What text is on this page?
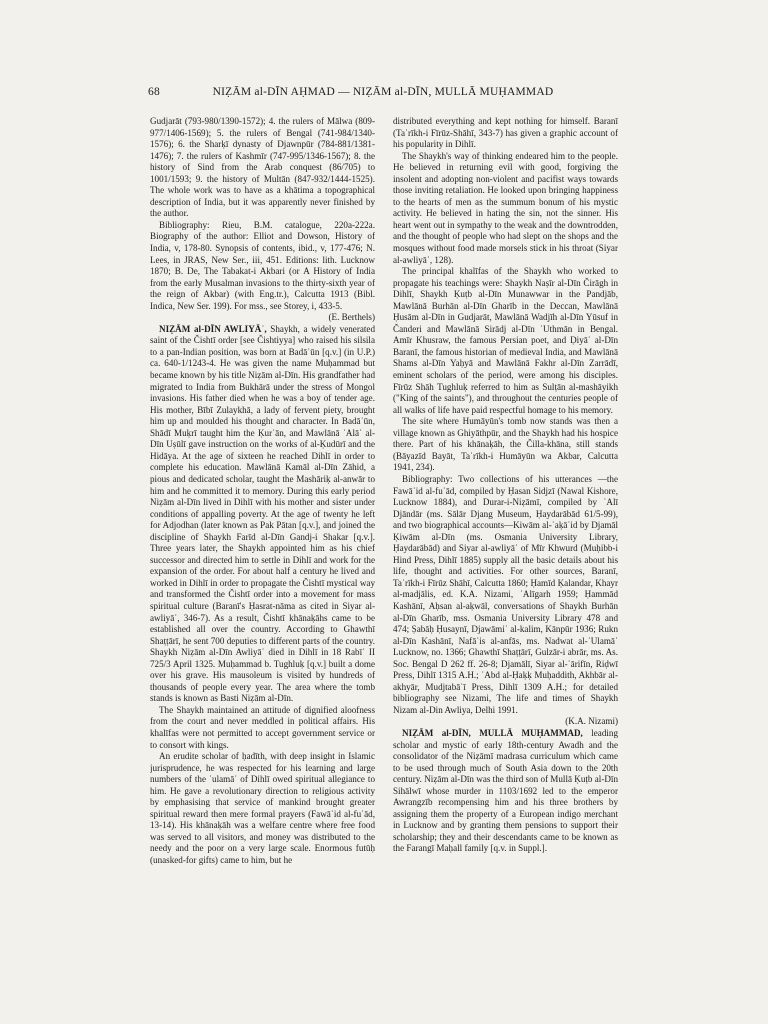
68	NIẒĀM al-DĪN AḤMAD — NIẒĀM al-DĪN, MULLĀ MUḤAMMAD

Gudjarāt (793-980/1390-1572); 4. the rulers of Mālwa (809-977/1406-1569); 5. the rulers of Bengal (741-984/1340-1576); 6. the Sharḳī dynasty of Djawnpūr (784-881/1381-1476); 7. the rulers of Kashmīr (747-995/1346-1567); 8. the history of Sind from the Arab conquest (86/705) to 1001/1593; 9. the history of Multān (847-932/1444-1525). The whole work was to have as a khātima a topographical description of India, but it was apparently never finished by the author.

Bibliography: Rieu, B.M. catalogue, 220a-222a. Biography of the author: Elliot and Dowson, History of India, v, 178-80. Synopsis of contents, ibid., v, 177-476; N. Lees, in JRAS, New Ser., iii, 451. Editions: lith. Lucknow 1870; B. De, The Tabakat-i Akbari (or A History of India from the early Musalman invasions to the thirty-sixth year of the reign of Akbar) (with Eng.tr.), Calcutta 1913 (Bibl. Indica, New Ser. 199). For mss., see Storey, i, 433-5.

(E. Berthels)

NIẒĀM al-DĪN AWLIYĀʾ, Shaykh, a widely venerated saint of the Čishtī order [see Čishtiyya] who raised his silsila to a pan-Indian position, was born at Badāʾūn [q.v.] (in U.P.) ca. 640-1/1243-4. He was given the name Muḥammad but became known by his title Niẓām al-Dīn. His grandfather had migrated to India from Bukhārā under the stress of Mongol invasions. His father died when he was a boy of tender age. His mother, Bībī Zulaykhā, a lady of fervent piety, brought him up and moulded his thought and character. In Badāʾūn, Shādī Muḳrī taught him the Ḳurʾān, and Mawlānā ʿAlāʾ al-Dīn Uṣūlī gave instruction on the works of al-Ḳudūrī and the Hidāya. At the age of sixteen he reached Dihlī in order to complete his education. Mawlānā Kamāl al-Dīn Zāhid, a pious and dedicated scholar, taught the Mashāriḳ al-anwār to him and he committed it to memory. During this early period Niẓām al-Dīn lived in Dihlī with his mother and sister under conditions of appalling poverty. At the age of twenty he left for Adjodhan (later known as Pak Pātan [q.v.], and joined the discipline of Shaykh Farīd al-Dīn Gandj-i Shakar [q.v.]. Three years later, the Shaykh appointed him as his chief successor and directed him to settle in Dihlī and work for the expansion of the order. For about half a century he lived and worked in Dihlī in order to propagate the Čishtī mystical way and transformed the Čishtī order into a movement for mass spiritual culture (Baranī's Ḥasrat-nāma as cited in Siyar al-awliyāʾ, 346-7). As a result, Čishtī khānaḳāhs came to be established all over the country. According to Ghawthī Shaṭṭārī, he sent 700 deputies to different parts of the country. Shaykh Niẓām al-Dīn Awliyāʾ died in Dihlī in 18 Rabīʿ II 725/3 April 1325. Muḥammad b. Tughluḳ [q.v.] built a dome over his grave. His mausoleum is visited by hundreds of thousands of people every year. The area where the tomb stands is known as Basti Niẓām al-Dīn.

The Shaykh maintained an attitude of dignified aloofness from the court and never meddled in political affairs. His khalīfas were not permitted to accept government service or to consort with kings.

An erudite scholar of ḥadīth, with deep insight in Islamic jurisprudence, he was respected for his learning and large numbers of the ʿulamāʾ of Dihlī owed spiritual allegiance to him. He gave a revolutionary direction to religious activity by emphasising that service of mankind brought greater spiritual reward then mere formal prayers (Fawāʾid al-fuʾād, 13-14). His khānaḳāh was a welfare centre where free food was served to all visitors, and money was distributed to the needy and the poor on a very large scale. Enormous futūḥ (unasked-for gifts) came to him, but he

distributed everything and kept nothing for himself. Baranī (Taʾrīkh-i Fīrūz-Shāhī, 343-7) has given a graphic account of his popularity in Dihlī.

The Shaykh's way of thinking endeared him to the people. He believed in returning evil with good, forgiving the insolent and adopting non-violent and pacifist ways towards those inviting retaliation. He looked upon bringing happiness to the hearts of men as the summum bonum of his mystic activity. He believed in hating the sin, not the sinner. His heart went out in sympathy to the weak and the downtrodden, and the thought of people who had slept on the shops and the mosques without food made morsels stick in his throat (Siyar al-awliyāʾ, 128).

The principal khalīfas of the Shaykh who worked to propagate his teachings were: Shaykh Naṣīr al-Dīn Čirāgh in Dihlī, Shaykh Ḳuṭb al-Dīn Munawwar in the Pandjāb, Mawlānā Burhān al-Dīn Gharīb in the Deccan, Mawlānā Ḥusām al-Dīn in Gudjarāt, Mawlānā Wadjīh al-Dīn Yūsuf in Čanderi and Mawlānā Sirādj al-Dīn ʿUthmān in Bengal. Amīr Khusraw, the famous Persian poet, and Ḍiyāʾ al-Dīn Baranī, the famous historian of medieval India, and Mawlānā Shams al-Dīn Yaḥyā and Mawlānā Fakhr al-Dīn Zarrādī, eminent scholars of the period, were among his disciples. Fīrūz Shāh Tughluḳ referred to him as Sulṭān al-mashāyikh ("King of the saints"), and throughout the centuries people of all walks of life have paid respectful homage to his memory.

The site where Humāyūn's tomb now stands was then a village known as Ghiyāthpūr, and the Shaykh had his hospice there. Part of his khānaḳāh, the Čilla-khāna, still stands (Bāyazīd Bayāt, Taʾrīkh-i Humāyūn wa Akbar, Calcutta 1941, 234).

Bibliography: Two collections of his utterances —the Fawāʾid al-fuʾād, compiled by Ḥasan Sidjzī (Nawal Kishore, Lucknow 1884), and Durar-i-Niẓāmī, compiled by ʿAlī Djāndār (ms. Sālār Djang Museum, Ḥaydarābād 61/5-99), and two biographical accounts—Kiwām al-ʿaḳāʾid by Djamāl Ḳiwām al-Dīn (ms. Osmania University Library, Ḥaydarābād) and Siyar al-awliyāʾ of Mīr Khwurd (Muḥibb-i Hind Press, Dihlī 1885) supply all the basic details about his life, thought and activities. For other sources, Baranī, Taʾrīkh-i Fīrūz Shāhī, Calcutta 1860; Ḥamīd Ḳalandar, Khayr al-madjālis, ed. K.A. Nizami, ʿAlīgarh 1959; Ḥammād Kashānī, Aḥsan al-aḳwāl, conversations of Shaykh Burhān al-Dīn Gharīb, mss. Osmania University Library 478 and 474; Ṣabāḥ Ḥusaynī, Djawāmiʿ al-kalim, Kānpūr 1936; Rukn al-Dīn Kashānī, Nafāʾis al-anfās, ms. Nadwat al-ʿUlamāʾ Lucknow, no. 1366; Ghawthī Shaṭṭārī, Gulzār-i abrār, ms. As. Soc. Bengal D 262 ff. 26-8; Djamālī, Siyar al-ʿārifīn, Riḍwī Press, Dihlī 1315 A.H.; ʿAbd al-Ḥaḳḳ Muḥaddith, Akhbār al-akhyār, Mudjtabāʾī Press, Dihlī 1309 A.H.; for detailed bibliography see Nizami, The life and times of Shaykh Nizam al-Din Awliya, Delhi 1991.

(K.A. Nizami)

NIẒĀM al-DĪN, MULLĀ MUḤAMMAD, leading scholar and mystic of early 18th-century Awadh and the consolidator of the Niẓāmī madrasa curriculum which came to be used through much of South Asia down to the 20th century. Niẓām al-Dīn was the third son of Mullā Ḳuṭb al-Dīn Sihālwī whose murder in 1103/1692 led to the emperor Awrangzīb recompensing him and his three brothers by assigning them the property of a European indigo merchant in Lucknow and by granting them pensions to support their scholarship; they and their descendants came to be known as the Farangī Maḥall family [q.v. in Suppl.].
